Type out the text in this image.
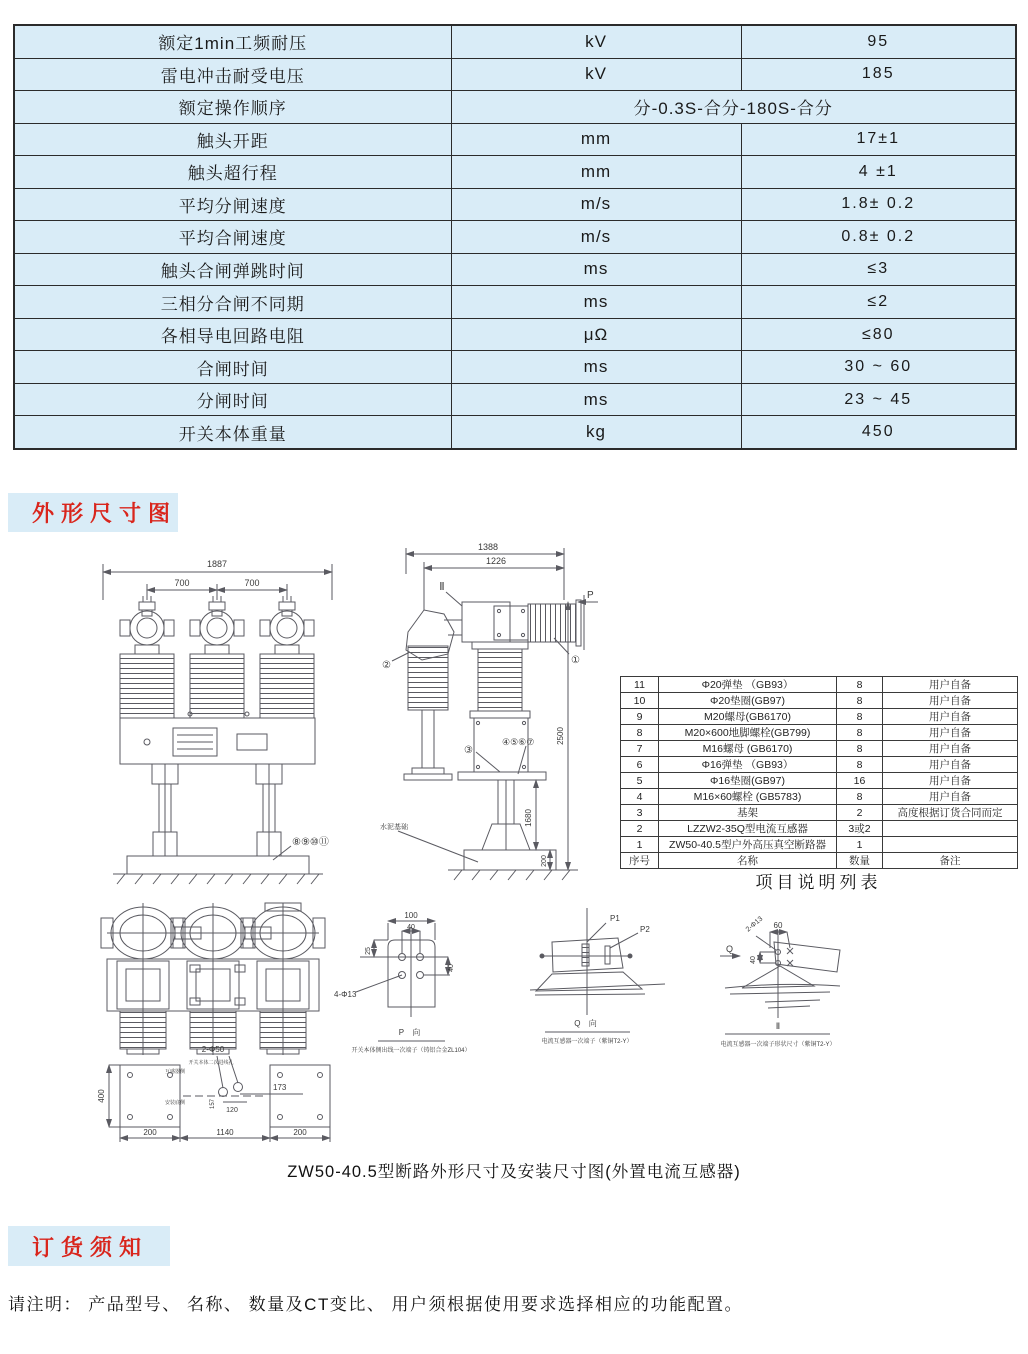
额定1min工频耐压	kV	95
雷电冲击耐受电压	kV	185
额定操作顺序	分-0.3S-合分-180S-合分	
触头开距	mm	17±1
触头超行程	mm	4 ±1
平均分闸速度	m/s	1.8± 0.2
平均合闸速度	m/s	0.8± 0.2
触头合闸弹跳时间	ms	≤3
三相分合闸不同期	ms	≤2
各相导电回路电阻	μΩ	≤80
合闸时间	ms	30 ~ 60
分闸时间	ms	23 ~ 45
开关本体重量	kg	450
外形尺寸图
1887
700	700
⑧⑨⑩⑪
1388
1226
Ⅱ
P
①
②
③
④⑤⑥⑦
1680
2500
200
水泥基础
11	Φ20弹垫 （GB93）	8	用户自备
10	Φ20垫圈(GB97)	8	用户自备
9	M20螺母(GB6170)	8	用户自备
8	M20×600地脚螺栓(GB799)	8	用户自备
7	M16螺母 (GB6170)	8	用户自备
6	Φ16弹垫 （GB93）	8	用户自备
5	Φ16垫圈(GB97)	16	用户自备
4	M16×60螺栓 (GB5783)	8	用户自备
3	基架	2	高度根据订货合同而定
2	LZZW2-35Q型电流互感器	3或2	
1	ZW50-40.5型户外高压真空断路器	1	
序号	名称	数量	备注
项目说明列表
400
2-Φ50
开关本体二次进线孔
157
120
173
互感器侧
安装底侧
200	1140	200
100
40
25
40
4-Φ13
P 向
开关本体侧出线一次端子（铸铝合金ZL104）
P1
P2
Q 向
电流互感器一次端子（紫铜T2-Y）
60
40
2-Φ13
Q
Ⅱ
电流互感器一次端子形状尺寸（紫铜T2-Y）
ZW50-40.5型断路外形尺寸及安装尺寸图(外置电流互感器)
订货须知
请注明： 产品型号、 名称、 数量及CT变比、 用户须根据使用要求选择相应的功能配置。
